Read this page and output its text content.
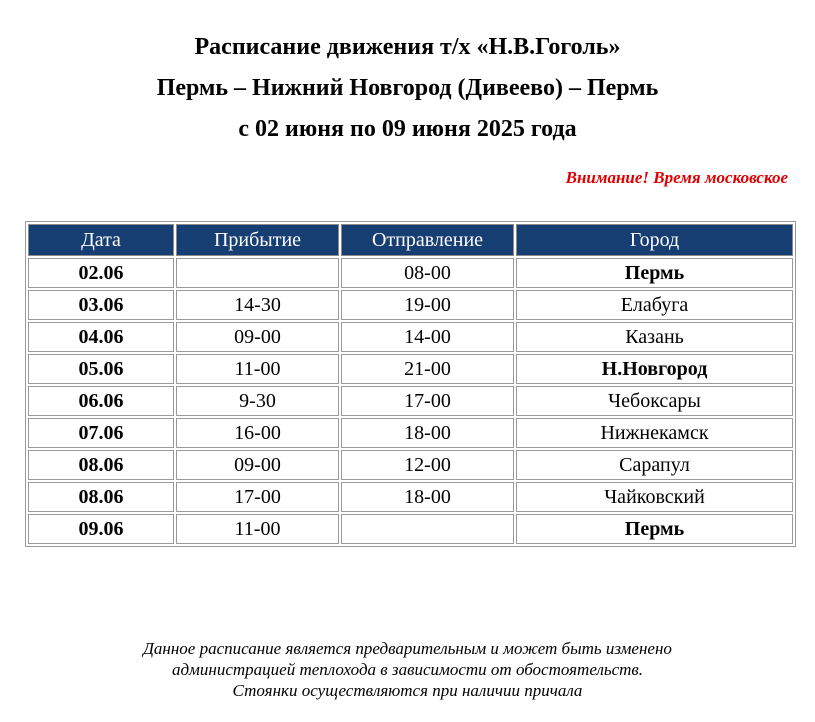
Расписание движения т/х «Н.В.Гоголь»
Пермь – Нижний Новгород (Дивеево) – Пермь
с 02 июня по 09 июня 2025 года
Внимание! Время московское
Дата	Прибытие	Отправление	Город
02.06		08-00	Пермь
03.06	14-30	19-00	Елабуга
04.06	09-00	14-00	Казань
05.06	11-00	21-00	Н.Новгород
06.06	9-30	17-00	Чебоксары
07.06	16-00	18-00	Нижнекамск
08.06	09-00	12-00	Сарапул
08.06	17-00	18-00	Чайковский
09.06	11-00		Пермь
Данное расписание является предварительным и может быть изменено
администрацией теплохода в зависимости от обостоятельств.
Стоянки осуществляются при наличии причала
